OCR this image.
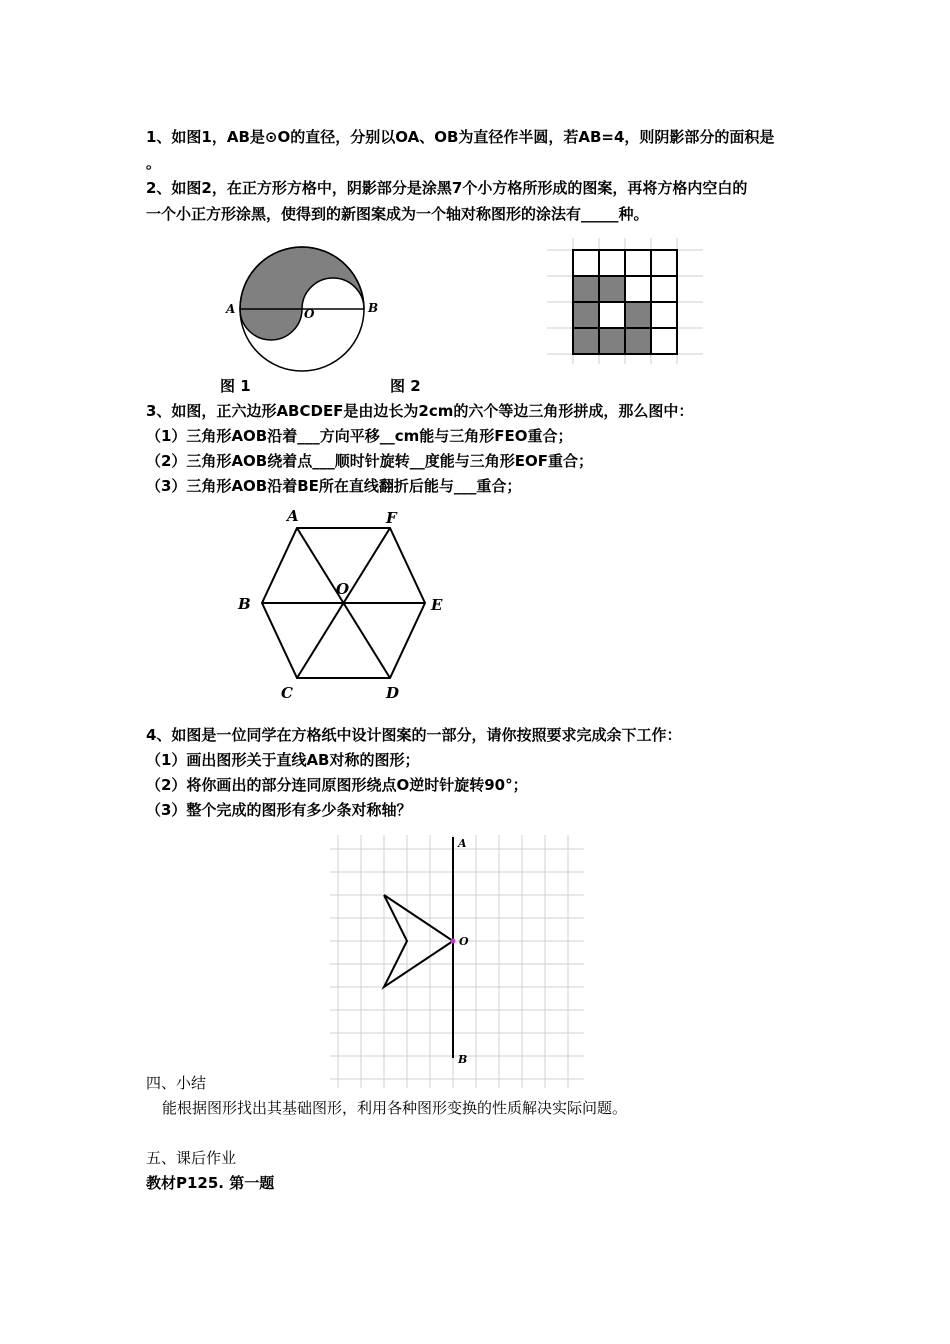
1、如图1，AB是⊙O的直径，分别以OA、OB为直径作半圆，若AB=4，则阴影部分的面积是
。
2、如图2，在正方形方格中，阴影部分是涂黑7个小方格所形成的图案，再将方格内空白的
一个小正方形涂黑，使得到的新图案成为一个轴对称图形的涂法有_____种。
A	B
O
图 1	图 2
3、如图，正六边形ABCDEF是由边长为2cm的六个等边三角形拼成，那么图中：
（1）三角形AOB沿着___方向平移__cm能与三角形FEO重合；
（2）三角形AOB绕着点___顺时针旋转__度能与三角形EOF重合；
（3）三角形AOB沿着BE所在直线翻折后能与___重合；
A	F
B	E
O
C	D
4、如图是一位同学在方格纸中设计图案的一部分，请你按照要求完成余下工作：
（1）画出图形关于直线AB对称的图形；
（2）将你画出的部分连同原图形绕点O逆时针旋转90°；
（3）整个完成的图形有多少条对称轴？
A
O
B
四、小结
能根据图形找出其基础图形，利用各种图形变换的性质解决实际问题。
五、课后作业
教材P125. 第一题
